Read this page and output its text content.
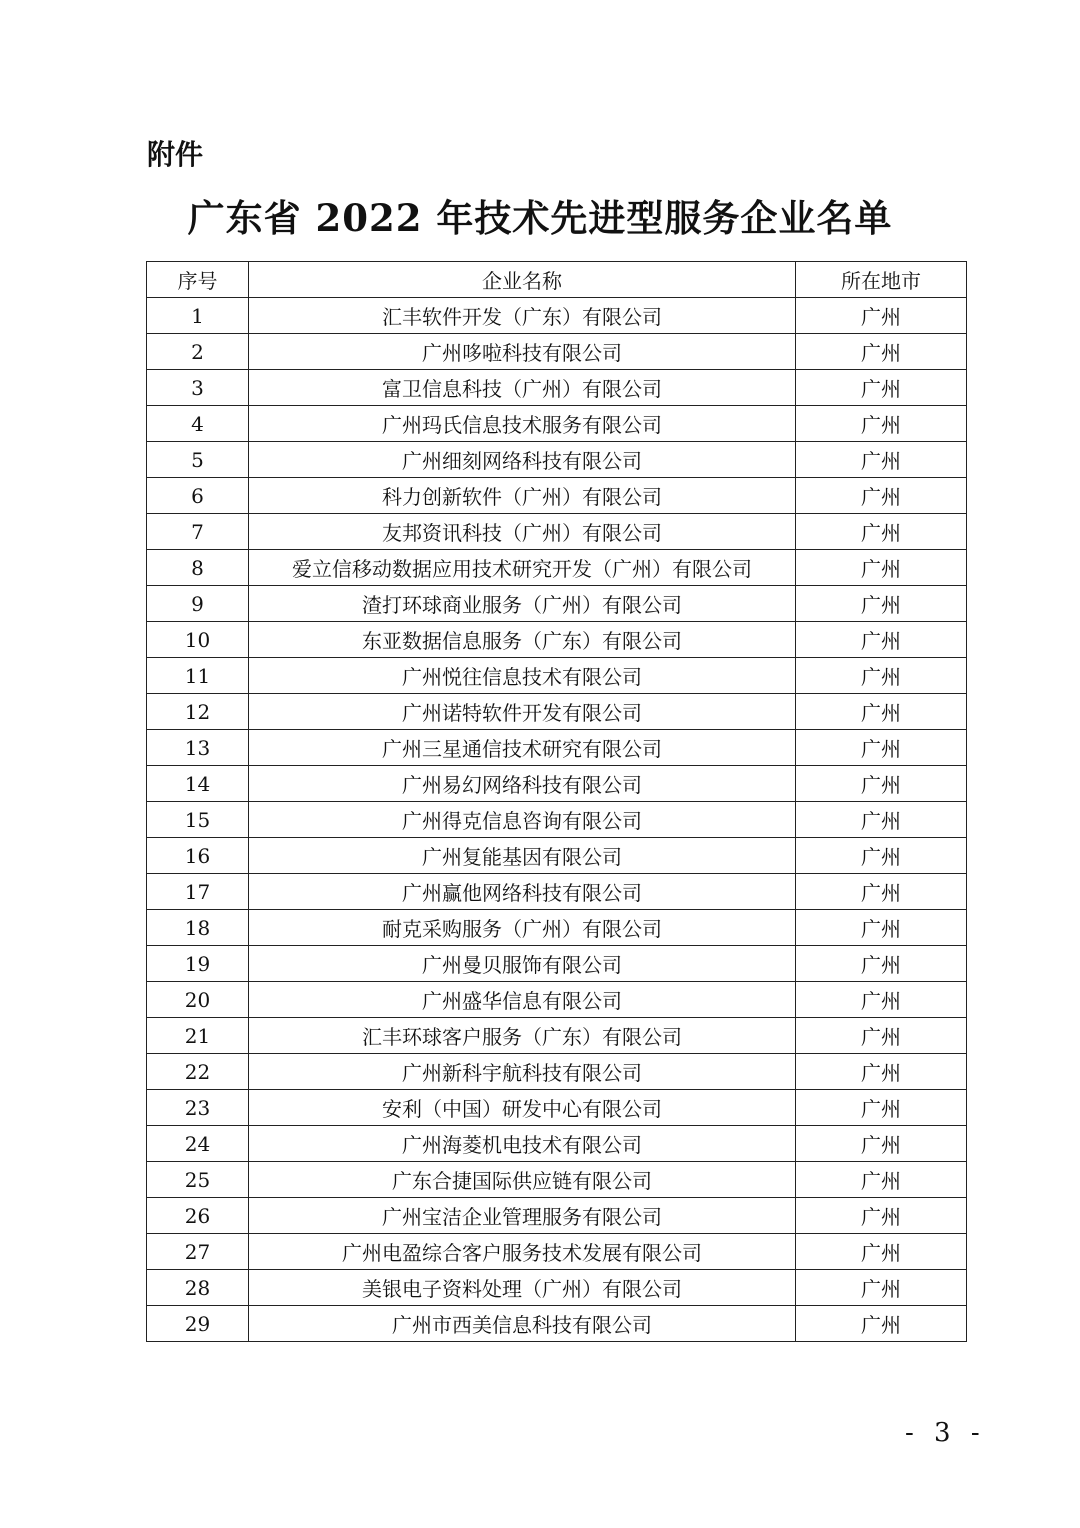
附件
广东省 2022 年技术先进型服务企业名单
序号	企业名称	所在地市
1	汇丰软件开发（广东）有限公司	广州
2	广州哆啦科技有限公司	广州
3	富卫信息科技（广州）有限公司	广州
4	广州玛氏信息技术服务有限公司	广州
5	广州细刻网络科技有限公司	广州
6	科力创新软件（广州）有限公司	广州
7	友邦资讯科技（广州）有限公司	广州
8	爱立信移动数据应用技术研究开发（广州）有限公司	广州
9	渣打环球商业服务（广州）有限公司	广州
10	东亚数据信息服务（广东）有限公司	广州
11	广州悦往信息技术有限公司	广州
12	广州诺特软件开发有限公司	广州
13	广州三星通信技术研究有限公司	广州
14	广州易幻网络科技有限公司	广州
15	广州得克信息咨询有限公司	广州
16	广州复能基因有限公司	广州
17	广州赢他网络科技有限公司	广州
18	耐克采购服务（广州）有限公司	广州
19	广州曼贝服饰有限公司	广州
20	广州盛华信息有限公司	广州
21	汇丰环球客户服务（广东）有限公司	广州
22	广州新科宇航科技有限公司	广州
23	安利（中国）研发中心有限公司	广州
24	广州海菱机电技术有限公司	广州
25	广东合捷国际供应链有限公司	广州
26	广州宝洁企业管理服务有限公司	广州
27	广州电盈综合客户服务技术发展有限公司	广州
28	美银电子资料处理（广州）有限公司	广州
29	广州市西美信息科技有限公司	广州
- 3 -
